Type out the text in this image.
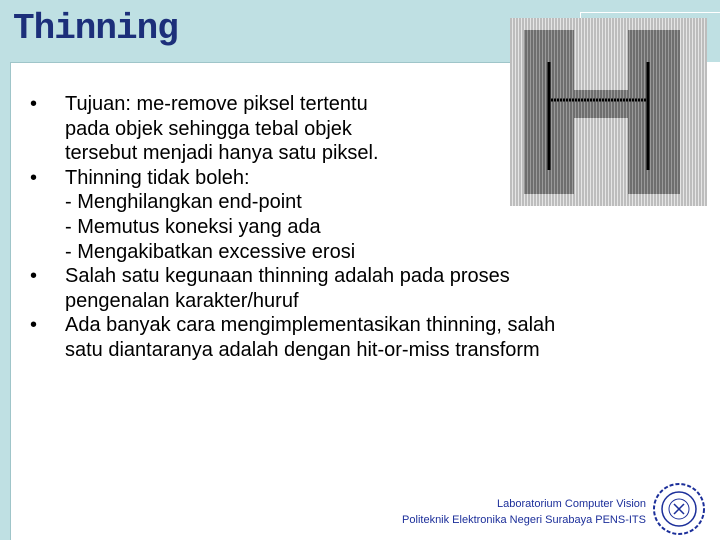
Thinning
• Tujuan: me-remove piksel tertentu
pada objek sehingga tebal objek
tersebut menjadi hanya satu piksel.
• Thinning tidak boleh:
- Menghilangkan end-point
- Memutus koneksi yang ada
- Mengakibatkan excessive erosi
• Salah satu kegunaan thinning adalah pada proses
pengenalan karakter/huruf
• Ada banyak cara mengimplementasikan thinning, salah
satu diantaranya adalah dengan hit-or-miss transform
Laboratorium Computer Vision
Politeknik Elektronika Negeri Surabaya PENS-ITS
